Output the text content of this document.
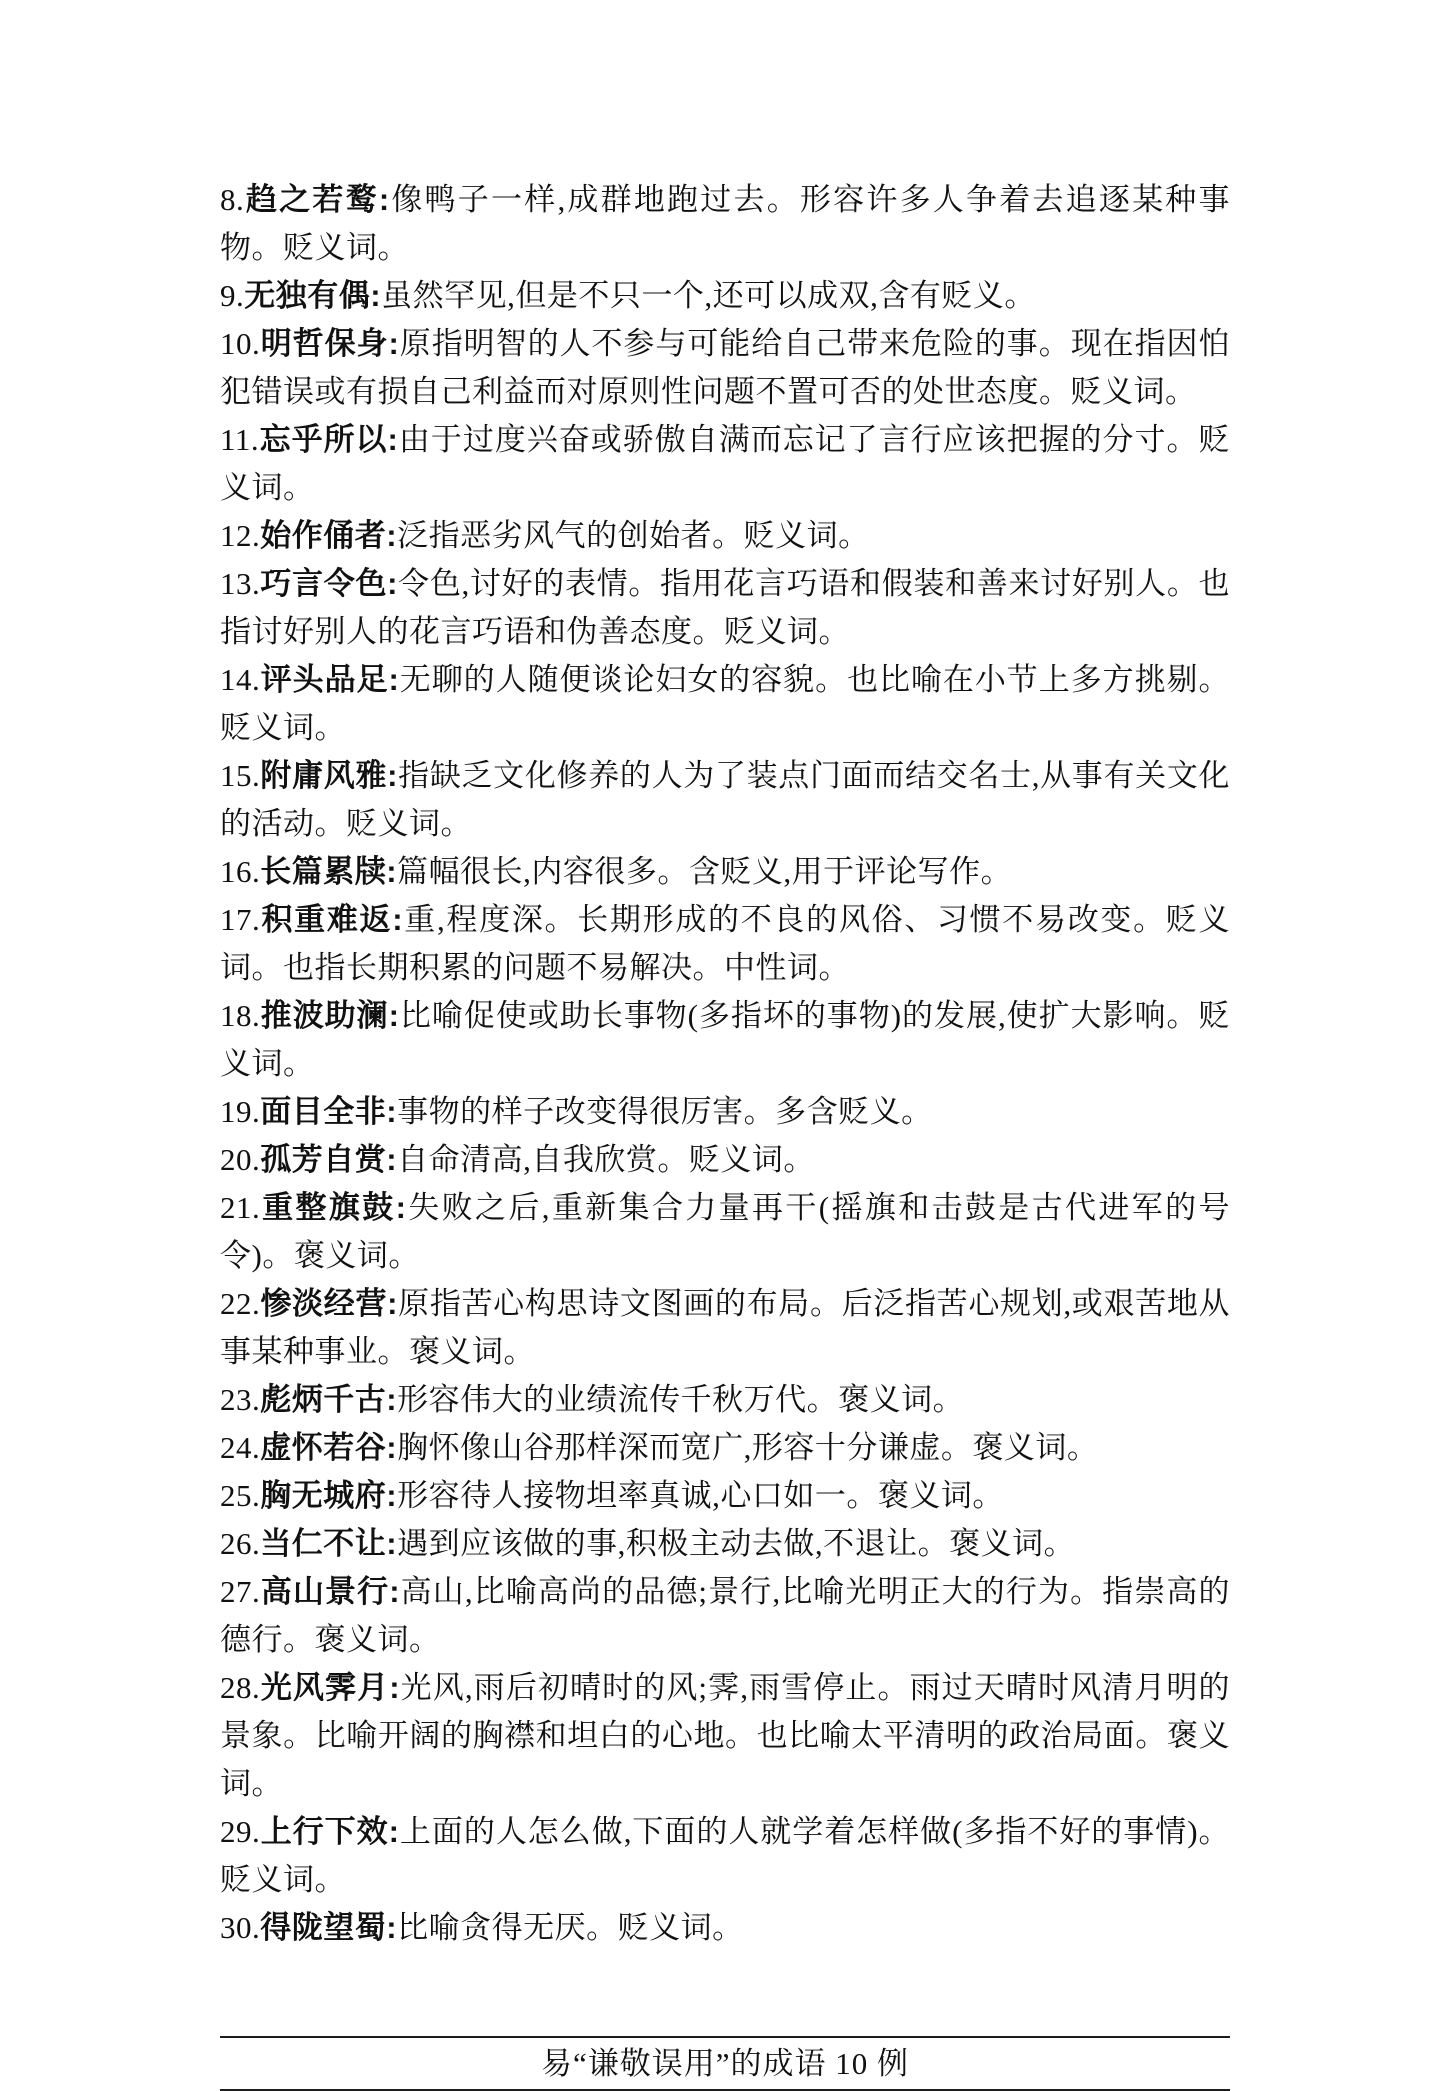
8.趋之若鹜:像鸭子一样,成群地跑过去。形容许多人争着去追逐某种事物。贬义词。

9.无独有偶:虽然罕见,但是不只一个,还可以成双,含有贬义。

10.明哲保身:原指明智的人不参与可能给自己带来危险的事。现在指因怕犯错误或有损自己利益而对原则性问题不置可否的处世态度。贬义词。

11.忘乎所以:由于过度兴奋或骄傲自满而忘记了言行应该把握的分寸。贬义词。

12.始作俑者:泛指恶劣风气的创始者。贬义词。

13.巧言令色:令色,讨好的表情。指用花言巧语和假装和善来讨好别人。也指讨好别人的花言巧语和伪善态度。贬义词。

14.评头品足:无聊的人随便谈论妇女的容貌。也比喻在小节上多方挑剔。贬义词。

15.附庸风雅:指缺乏文化修养的人为了装点门面而结交名士,从事有关文化的活动。贬义词。

16.长篇累牍:篇幅很长,内容很多。含贬义,用于评论写作。

17.积重难返:重,程度深。长期形成的不良的风俗、习惯不易改变。贬义词。也指长期积累的问题不易解决。中性词。

18.推波助澜:比喻促使或助长事物(多指坏的事物)的发展,使扩大影响。贬义词。

19.面目全非:事物的样子改变得很厉害。多含贬义。

20.孤芳自赏:自命清高,自我欣赏。贬义词。

21.重整旗鼓:失败之后,重新集合力量再干(摇旗和击鼓是古代进军的号令)。褒义词。

22.惨淡经营:原指苦心构思诗文图画的布局。后泛指苦心规划,或艰苦地从事某种事业。褒义词。

23.彪炳千古:形容伟大的业绩流传千秋万代。褒义词。

24.虚怀若谷:胸怀像山谷那样深而宽广,形容十分谦虚。褒义词。

25.胸无城府:形容待人接物坦率真诚,心口如一。褒义词。

26.当仁不让:遇到应该做的事,积极主动去做,不退让。褒义词。

27.高山景行:高山,比喻高尚的品德;景行,比喻光明正大的行为。指崇高的德行。褒义词。

28.光风霁月:光风,雨后初晴时的风;霁,雨雪停止。雨过天晴时风清月明的景象。比喻开阔的胸襟和坦白的心地。也比喻太平清明的政治局面。褒义词。

29.上行下效:上面的人怎么做,下面的人就学着怎样做(多指不好的事情)。贬义词。

30.得陇望蜀:比喻贪得无厌。贬义词。

易“谦敬误用”的成语 10 例
